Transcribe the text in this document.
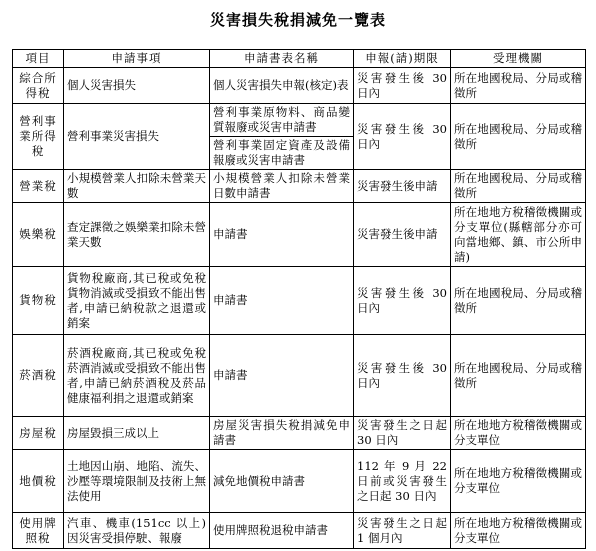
災害損失稅捐減免一覽表
項目	申請事項	申請書表名稱	申報(請)期限	受理機關
綜合所得稅	個人災害損失	個人災害損失申報(核定)表	災害發生後 30 日內	所在地國稅局、分局或稽徵所
營利事業所得稅	營利事業災害損失	營利事業原物料、商品變質報廢或災害申請書	災害發生後 30 日內	所在地國稅局、分局或稽徵所
		營利事業固定資產及設備報廢或災害申請書		
營業稅	小規模營業人扣除未營業天數	小規模營業人扣除未營業日數申請書	災害發生後申請	所在地國稅局、分局或稽徵所
娛樂稅	查定課徵之娛樂業扣除未營業天數	申請書	災害發生後申請	所在地地方稅稽徵機關或分支單位(縣轄部分亦可向當地鄉、鎮、市公所申請)
貨物稅	貨物稅廠商,其已稅或免稅貨物消滅或受損致不能出售者,申請已納稅款之退還或銷案	申請書	災害發生後 30 日內	所在地國稅局、分局或稽徵所
菸酒稅	菸酒稅廠商,其已稅或免稅菸酒消滅或受損致不能出售者,申請已納菸酒稅及菸品健康福利捐之退還或銷案	申請書	災害發生後 30 日內	所在地國稅局、分局或稽徵所
房屋稅	房屋毀損三成以上	房屋災害損失稅捐減免申請書	災害發生之日起 30 日內	所在地地方稅稽徵機關或分支單位
地價稅	土地因山崩、地陷、流失、沙壓等環境限制及技術上無法使用	減免地價稅申請書	112 年 9 月 22 日前或災害發生之日起 30 日內	所在地地方稅稽徵機關或分支單位
使用牌照稅	汽車、機車(151cc 以上)因災害受損停駛、報廢	使用牌照稅退稅申請書	災害發生之日起 1 個月內	所在地地方稅稽徵機關或分支單位
